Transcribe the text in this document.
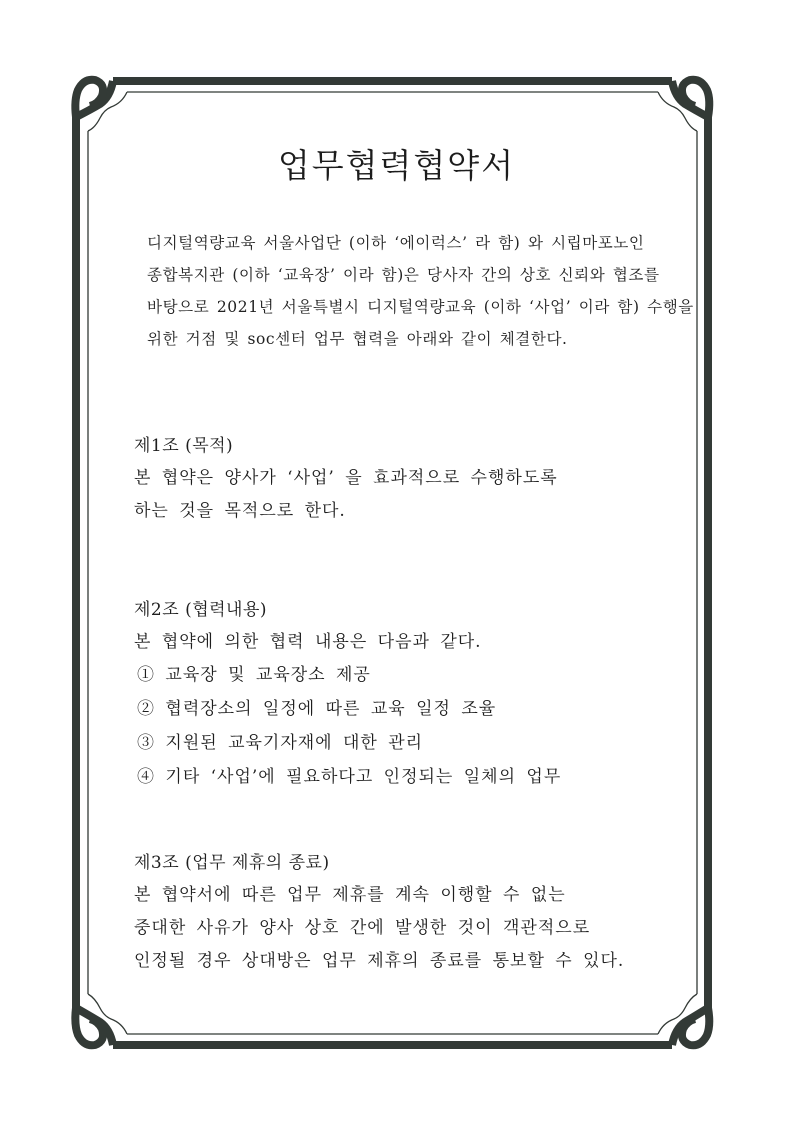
업무협력협약서
디지털역량교육 서울사업단 (이하 ‘에이럭스’ 라 함) 와 시립마포노인
종합복지관 (이하 ‘교육장’ 이라 함)은 당사자 간의 상호 신뢰와 협조를
바탕으로 2021년 서울특별시 디지털역량교육 (이하 ‘사업’ 이라 함) 수행을
위한 거점 및 soc센터 업무 협력을 아래와 같이 체결한다.
제1조 (목적)
본 협약은 양사가 ‘사업’ 을 효과적으로 수행하도록
하는 것을 목적으로 한다.
제2조 (협력내용)
본 협약에 의한 협력 내용은 다음과 같다.
① 교육장 및 교육장소 제공
② 협력장소의 일정에 따른 교육 일정 조율
③ 지원된 교육기자재에 대한 관리
④ 기타 ‘사업’에 필요하다고 인정되는 일체의 업무
제3조 (업무 제휴의 종료)
본 협약서에 따른 업무 제휴를 계속 이행할 수 없는
중대한 사유가 양사 상호 간에 발생한 것이 객관적으로
인정될 경우 상대방은 업무 제휴의 종료를 통보할 수 있다.
